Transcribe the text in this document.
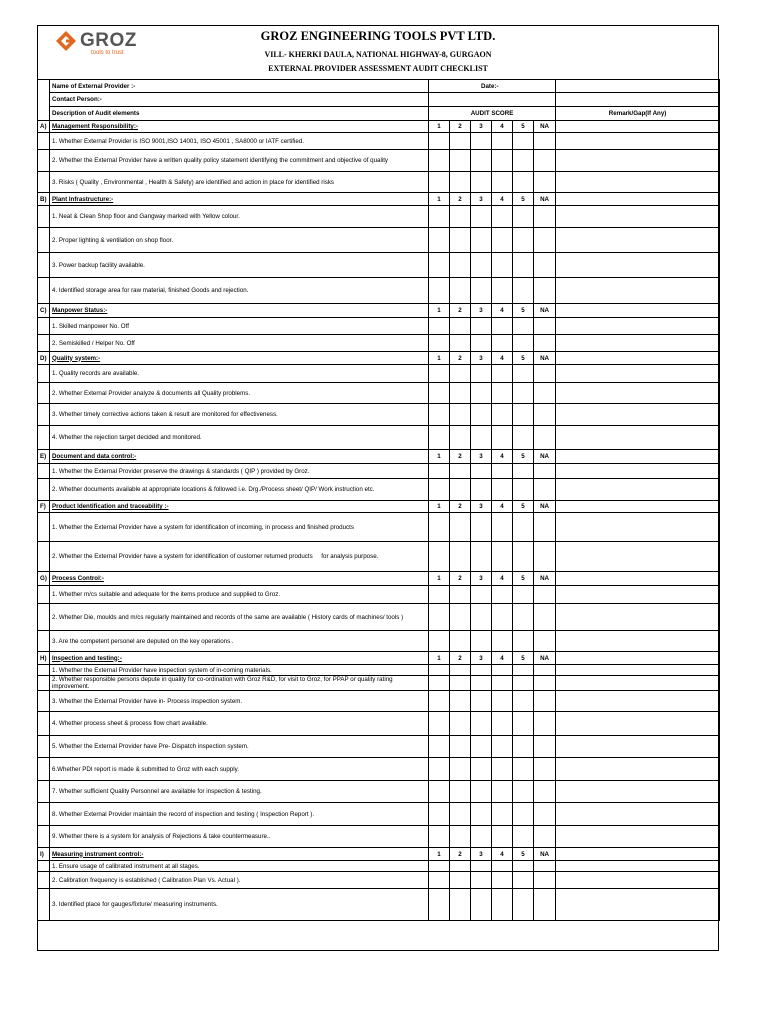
GROZ
tools to trust
GROZ ENGINEERING TOOLS PVT LTD.
VILL- KHERKI DAULA, NATIONAL HIGHWAY-8, GURGAON
EXTERNAL PROVIDER ASSESSMENT AUDIT CHECKLIST
	Name of External Provider :-	Date:-						
	Contact Person:-							
	Description of Audit elements	AUDIT SCORE						Remark/Gap(If Any)
A)	Management Responsibility:-	1	2	3	4	5	NA	
	1. Whether External Provider is ISO 9001,ISO 14001, ISO 45001 , SA8000 or IATF certified.							
	2. Whether the External Provider have a written quality policy statement identifying the commitment and objective of quality							
	3. Risks ( Quality , Environmental , Health & Safety) are identified and action in place for identified risks							
B)	Plant Infrastructure:-	1	2	3	4	5	NA	
	1. Neat & Clean Shop floor and Gangway marked with Yellow colour.							
	2. Proper lighting & ventilation on shop floor.							
	3. Power backup facility available.							
	4. Identified storage area for raw material, finished Goods and rejection.							
C)	Manpower Status:-	1	2	3	4	5	NA	
	1. Skilled manpower No. Off							
	2. Semiskilled / Helper No. Off							
D)	Quality system:-	1	2	3	4	5	NA	
	1. Quality records are available.							
	2. Whether External Provider analyze & documents all Quality problems.							
	3. Whether timely corrective actions taken & result are monitored for effectiveness.							
	4. Whether the rejection target decided and monitored.							
E)	Document and data control:-	1	2	3	4	5	NA	
	1. Whether the External Provider preserve the drawings & standards ( QIP ) provided by Groz.							
	2. Whether documents available at appropriate locations & followed i.e. Drg./Process sheet/ QIP/ Work instruction etc.							
F)	Product Identification and traceability :-	1	2	3	4	5	NA	
	1. Whether the External Provider have a system for identification of incoming, in process and finished products							
	2. Whether the External Provider have a system for identification of customer returned products     for analysis purpose.							
G)	Process Control:-	1	2	3	4	5	NA	
	1. Whether m/cs suitable and adequate for the items produce and supplied to Groz.							
	2. Whether Die, moulds and m/cs regularly maintained and records of the same are available ( History cards of machines/ tools )							
	3. Are the competent personel are deputed on the key operations .							
H)	Inspection and testing:-	1	2	3	4	5	NA	
	1. Whether the External Provider have inspection system of in-coming materials.							
	2. Whether responsible persons depute in quality for co-ordination with Groz R&D, for visit to Groz, for PPAP or quality rating improvement.							
	3. Whether the External Provider have in- Process inspection system.							
	4. Whether process sheet & process flow chart available.							
	5. Whether the External Provider have Pre- Dispatch inspection system.							
	6.Whether PDI report is made & submitted to Groz with each supply.							
	7. Whether sufficient Quality Personnel are available for inspection & testing.							
	8. Whether External Provider maintain the record of inspection and testing ( Inspection Report ).							
	9. Whether there is a system for analysis of Rejections & take countermeasure..							
I)	Measuring instrument control:-	1	2	3	4	5	NA	
	1. Ensure usage of calibrated instrument at all stages.							
	2. Calibration frequency is established ( Calibration Plan Vs. Actual ).							
	3. Identified place for gauges/fixture/ measuring instruments.							
